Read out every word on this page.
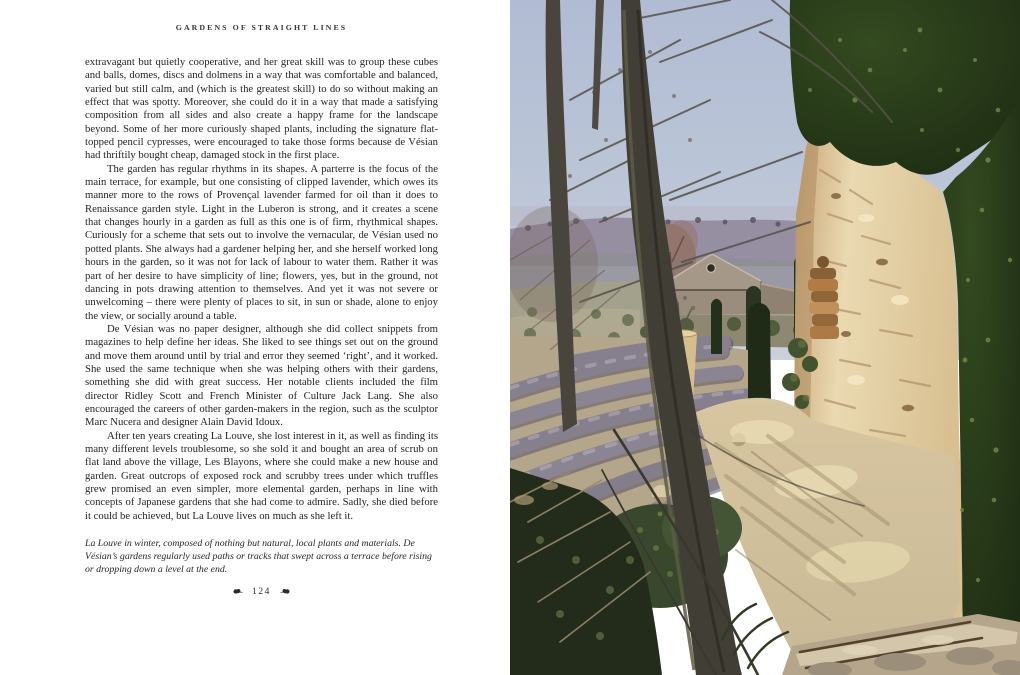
GARDENS OF STRAIGHT LINES

extravagant but quietly cooperative, and her great skill was to group these cubes and balls, domes, discs and dolmens in a way that was comfortable and balanced, varied but still calm, and (which is the greatest skill) to do so without making an effect that was spotty. Moreover, she could do it in a way that made a satisfying composition from all sides and also create a happy frame for the landscape beyond. Some of her more curiously shaped plants, including the signature flat-topped pencil cypresses, were encouraged to take those forms because de Vésian had thriftily bought cheap, damaged stock in the first place.

The garden has regular rhythms in its shapes. A parterre is the focus of the main terrace, for example, but one consisting of clipped lavender, which owes its manner more to the rows of Provençal lavender farmed for oil than it does to Renaissance garden style. Light in the Luberon is strong, and it creates a scene that changes hourly in a garden as full as this one is of firm, rhythmical shapes. Curiously for a scheme that sets out to involve the vernacular, de Vésian used no potted plants. She always had a gardener helping her, and she herself worked long hours in the garden, so it was not for lack of labour to water them. Rather it was part of her desire to have simplicity of line; flowers, yes, but in the ground, not dancing in pots drawing attention to themselves. And yet it was not severe or unwelcoming – there were plenty of places to sit, in sun or shade, alone to enjoy the view, or socially around a table.

De Vésian was no paper designer, although she did collect snippets from magazines to help define her ideas. She liked to see things set out on the ground and move them around until by trial and error they seemed ‘right’, and it worked. She used the same technique when she was helping others with their gardens, something she did with great success. Her notable clients included the film director Ridley Scott and French Minister of Culture Jack Lang. She also encouraged the careers of other garden-makers in the region, such as the sculptor Marc Nucera and designer Alain David Idoux.

After ten years creating La Louve, she lost interest in it, as well as finding its many different levels troublesome, so she sold it and bought an area of scrub on flat land above the village, Les Blayons, where she could make a new house and garden. Great outcrops of exposed rock and scrubby trees under which truffles grew promised an even simpler, more elemental garden, perhaps in line with concepts of Japanese gardens that she had come to admire. Sadly, she died before it could be achieved, but La Louve lives on much as she left it.

La Louve in winter, composed of nothing but natural, local plants and materials. De Vésian’s gardens regularly used paths or tracks that swept across a terrace before rising or dropping down a level at the end.
124
